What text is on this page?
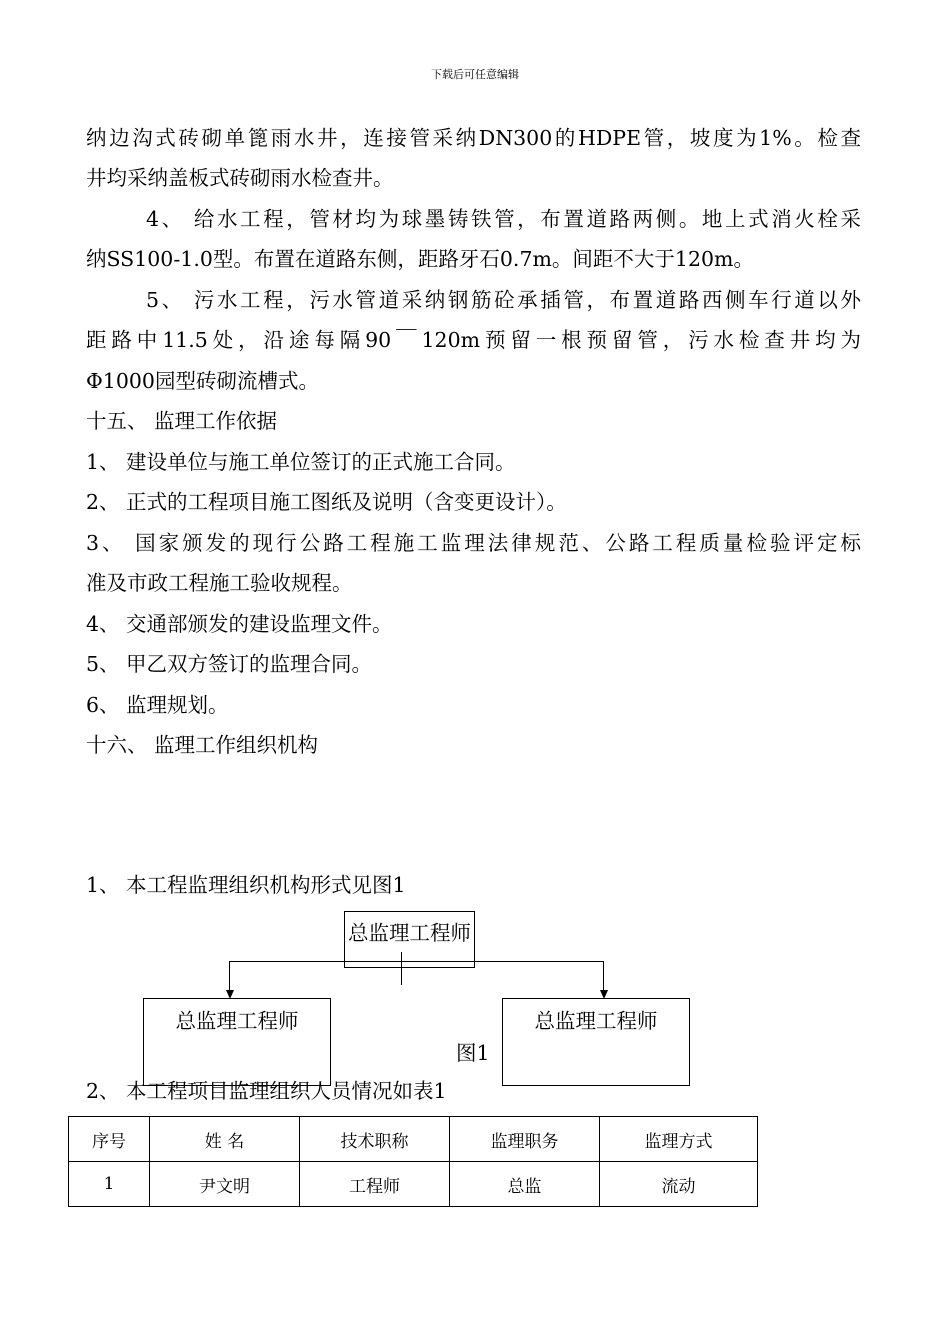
下载后可任意编辑
纳边沟式砖砌单篦雨水井，连接管采纳DN300的HDPE管，坡度为1%。检查
井均采纳盖板式砖砌雨水检查井。
4、 给水工程，管材均为球墨铸铁管，布置道路两侧。地上式消火栓采
纳SS100-1.0型。布置在道路东侧，距路牙石0.7m。间距不大于120m。
5、 污水工程，污水管道采纳钢筋砼承插管，布置道路西侧车行道以外
距路中11.5处，沿途每隔90￣120m预留一根预留管，污水检查井均为
Φ1000园型砖砌流槽式。
十五、 监理工作依据
1、 建设单位与施工单位签订的正式施工合同。
2、 正式的工程项目施工图纸及说明（含变更设计）。
3、 国家颁发的现行公路工程施工监理法律规范、公路工程质量检验评定标
准及市政工程施工验收规程。
4、 交通部颁发的建设监理文件。
5、 甲乙双方签订的监理合同。
6、 监理规划。
十六、 监理工作组织机构
1、 本工程监理组织机构形式见图1
总监理工程师
2、 本工程项目监理组织人员情况如表1
总监理工程师	总监理工程师
图1
序号	姓 名	技术职称	监理职务	监理方式
1	尹文明	工程师	总监	流动
